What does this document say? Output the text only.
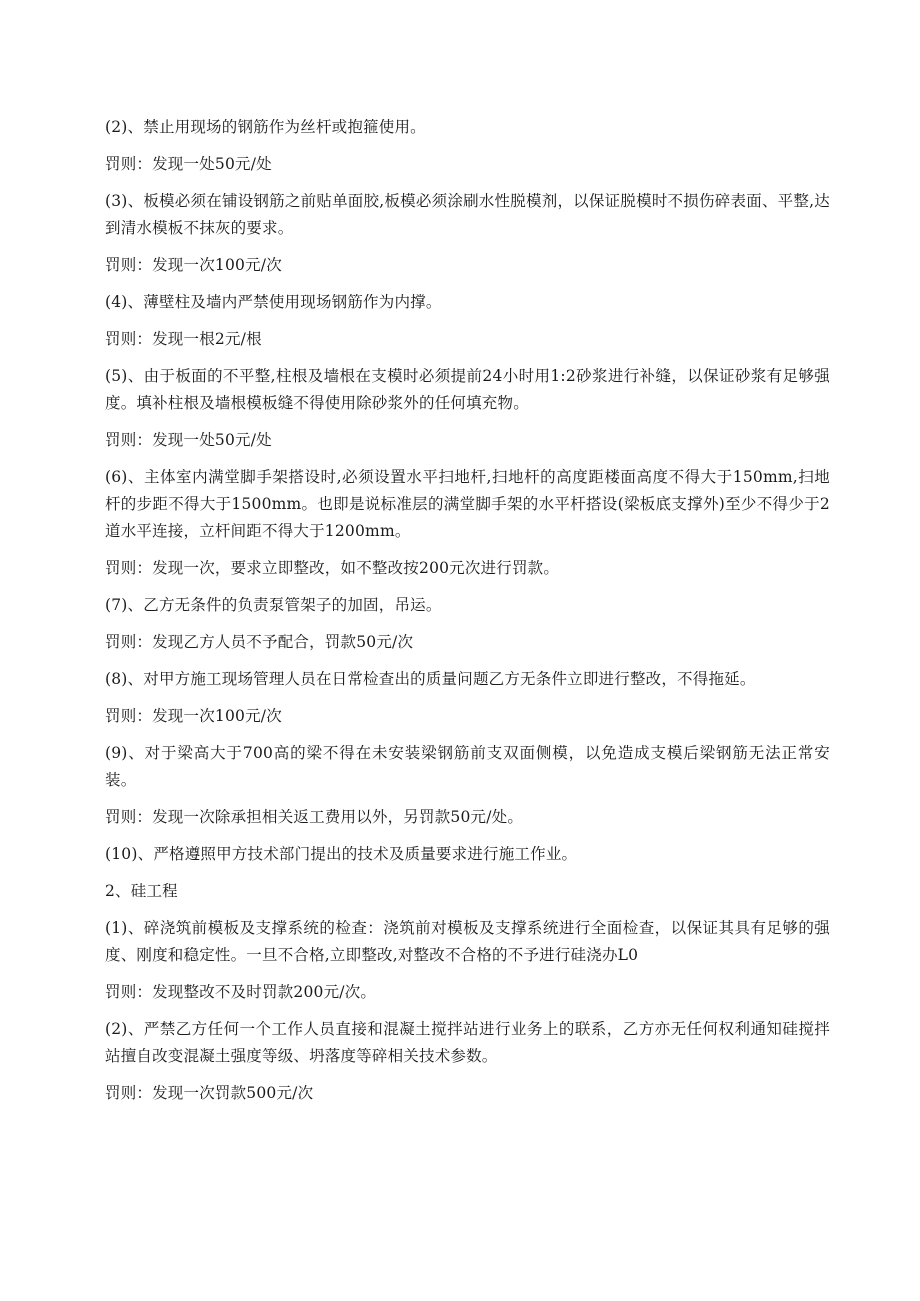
(2)、禁止用现场的钢筋作为丝杆或抱箍使用。

罚则：发现一处50元/处

(3)、板模必须在铺设钢筋之前贴单面胶,板模必须涂刷水性脱模剂，以保证脱模时不损伤碎表面、平整,达到清水模板不抹灰的要求。

罚则：发现一次100元/次

(4)、薄壁柱及墙内严禁使用现场钢筋作为内撑。

罚则：发现一根2元/根

(5)、由于板面的不平整,柱根及墙根在支模时必须提前24小时用1:2砂浆进行补缝，以保证砂浆有足够强度。填补柱根及墙根模板缝不得使用除砂浆外的任何填充物。

罚则：发现一处50元/处

(6)、主体室内满堂脚手架搭设时,必须设置水平扫地杆,扫地杆的高度距楼面高度不得大于150mm,扫地杆的步距不得大于1500mm。也即是说标准层的满堂脚手架的水平杆搭设(梁板底支撑外)至少不得少于2道水平连接，立杆间距不得大于1200mm。

罚则：发现一次，要求立即整改，如不整改按200元次进行罚款。

(7)、乙方无条件的负责泵管架子的加固，吊运。

罚则：发现乙方人员不予配合，罚款50元/次

(8)、对甲方施工现场管理人员在日常检查出的质量问题乙方无条件立即进行整改，不得拖延。

罚则：发现一次100元/次

(9)、对于梁高大于700高的梁不得在未安装梁钢筋前支双面侧模，以免造成支模后梁钢筋无法正常安装。

罚则：发现一次除承担相关返工费用以外，另罚款50元/处。

(10)、严格遵照甲方技术部门提出的技术及质量要求进行施工作业。

2、硅工程

(1)、碎浇筑前模板及支撑系统的检查：浇筑前对模板及支撑系统进行全面检查，以保证其具有足够的强度、刚度和稳定性。一旦不合格,立即整改,对整改不合格的不予进行硅浇办L0

罚则：发现整改不及时罚款200元/次。

(2)、严禁乙方任何一个工作人员直接和混凝土搅拌站进行业务上的联系，乙方亦无任何权利通知硅搅拌站擅自改变混凝土强度等级、坍落度等碎相关技术参数。

罚则：发现一次罚款500元/次
